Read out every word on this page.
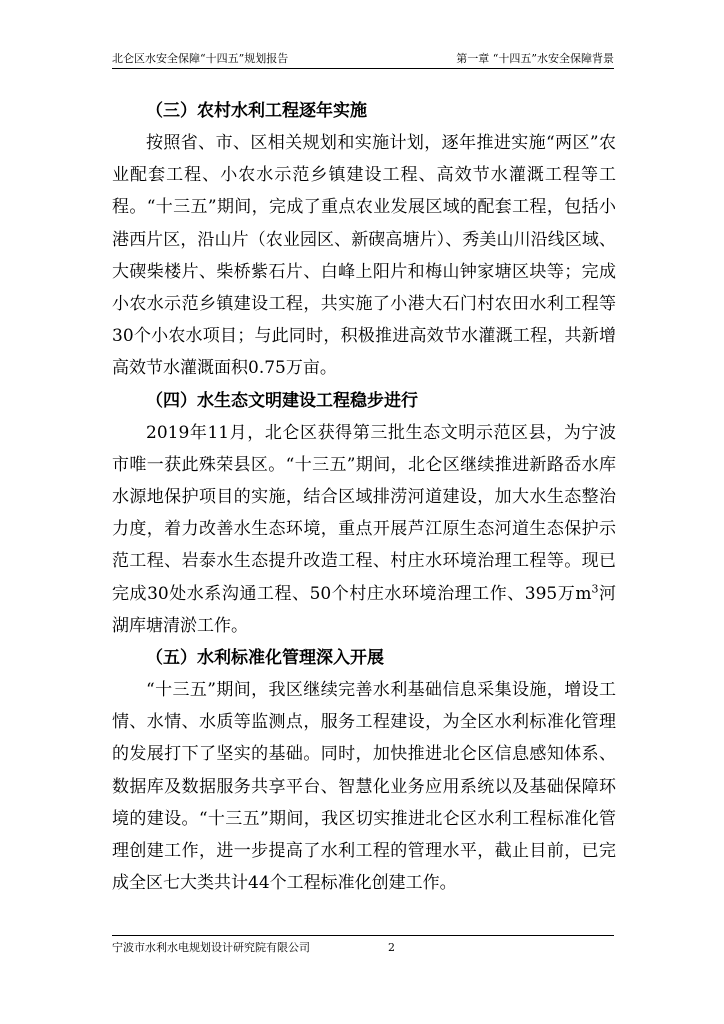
北仑区水安全保障“十四五”规划报告	第一章 “十四五”水安全保障背景
（三）农村水利工程逐年实施

按照省、市、区相关规划和实施计划，逐年推进实施“两区”农业配套工程、小农水示范乡镇建设工程、高效节水灌溉工程等工程。“十三五”期间，完成了重点农业发展区域的配套工程，包括小港西片区，沿山片（农业园区、新碶高塘片）、秀美山川沿线区域、大碶柴楼片、柴桥紫石片、白峰上阳片和梅山钟家塘区块等；完成小农水示范乡镇建设工程，共实施了小港大石门村农田水利工程等30个小农水项目；与此同时，积极推进高效节水灌溉工程，共新增高效节水灌溉面积0.75万亩。

（四）水生态文明建设工程稳步进行

2019年11月，北仑区获得第三批生态文明示范区县，为宁波市唯一获此殊荣县区。“十三五”期间，北仑区继续推进新路岙水库水源地保护项目的实施，结合区域排涝河道建设，加大水生态整治力度，着力改善水生态环境，重点开展芦江原生态河道生态保护示范工程、岩泰水生态提升改造工程、村庄水环境治理工程等。现已完成30处水系沟通工程、50个村庄水环境治理工作、395万$m^3$河湖库塘清淤工作。

（五）水利标准化管理深入开展

“十三五”期间，我区继续完善水利基础信息采集设施，增设工情、水情、水质等监测点，服务工程建设，为全区水利标准化管理的发展打下了坚实的基础。同时，加快推进北仑区信息感知体系、数据库及数据服务共享平台、智慧化业务应用系统以及基础保障环境的建设。“十三五”期间，我区切实推进北仑区水利工程标准化管理创建工作，进一步提高了水利工程的管理水平，截止目前，已完成全区七大类共计44个工程标准化创建工作。

宁波市水利水电规划设计研究院有限公司	2
